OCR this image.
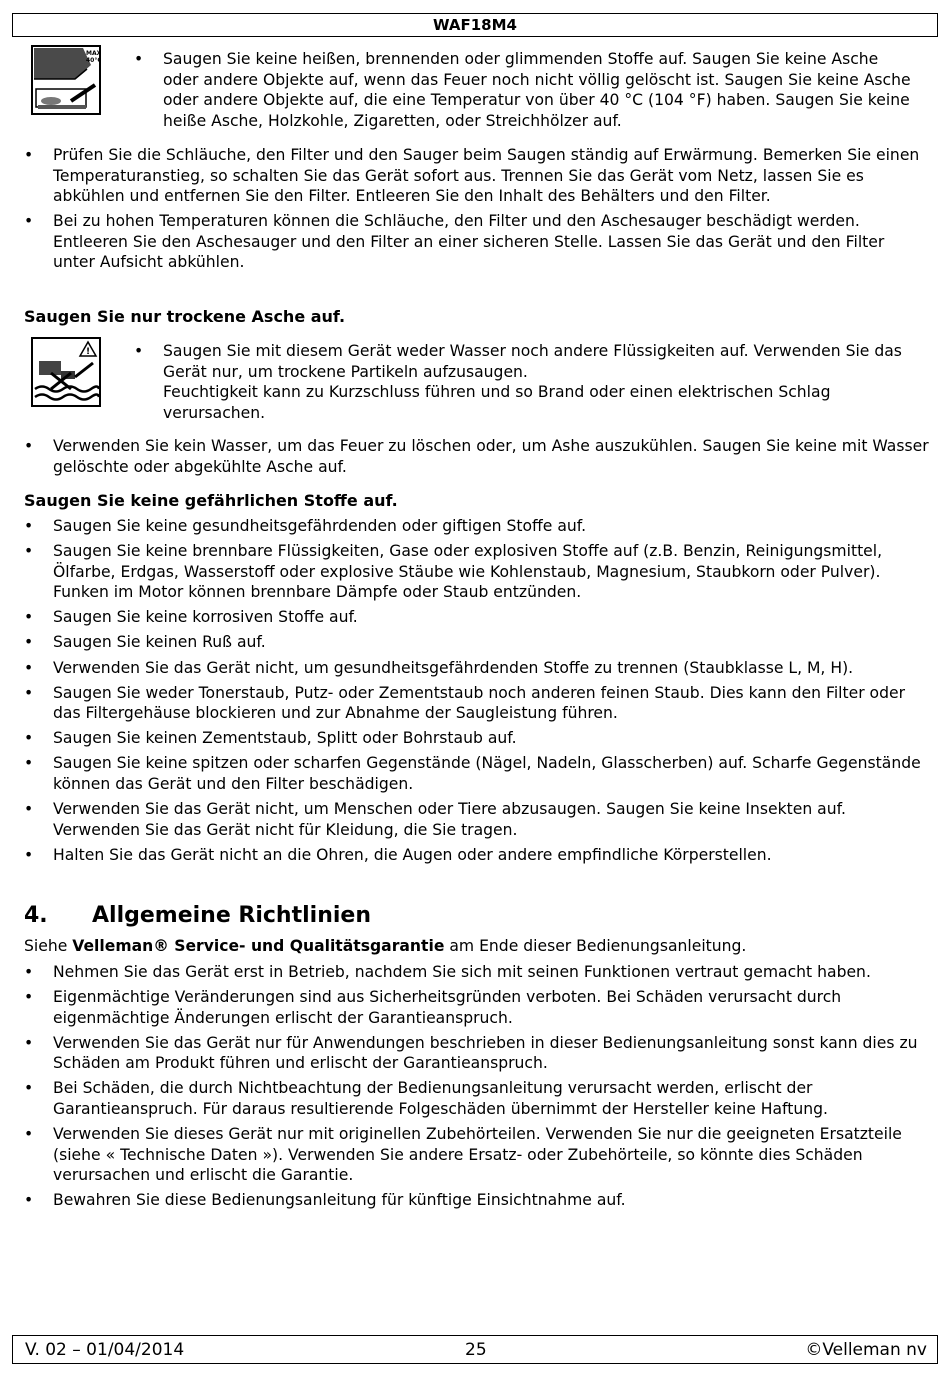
WAF18M4
MAX
40°C	• Saugen Sie keine heißen, brennenden oder glimmenden Stoffe auf. Saugen Sie keine Asche oder andere Objekte auf, wenn das Feuer noch nicht völlig gelöscht ist. Saugen Sie keine Asche oder andere Objekte auf, die eine Temperatur von über 40 °C (104 °F) haben. Saugen Sie keine heiße Asche, Holzkohle, Zigaretten, oder Streichhölzer auf.
• Prüfen Sie die Schläuche, den Filter und den Sauger beim Saugen ständig auf Erwärmung. Bemerken Sie einen Temperaturanstieg, so schalten Sie das Gerät sofort aus. Trennen Sie das Gerät vom Netz, lassen Sie es abkühlen und entfernen Sie den Filter. Entleeren Sie den Inhalt des Behälters und den Filter.
• Bei zu hohen Temperaturen können die Schläuche, den Filter und den Aschesauger beschädigt werden. Entleeren Sie den Aschesauger und den Filter an einer sicheren Stelle. Lassen Sie das Gerät und den Filter unter Aufsicht abkühlen.
Saugen Sie nur trockene Asche auf.
!	• Saugen Sie mit diesem Gerät weder Wasser noch andere Flüssigkeiten auf. Verwenden Sie das Gerät nur, um trockene Partikeln aufzusaugen.
Feuchtigkeit kann zu Kurzschluss führen und so Brand oder einen elektrischen Schlag verursachen.
• Verwenden Sie kein Wasser, um das Feuer zu löschen oder, um Ashe auszukühlen. Saugen Sie keine mit Wasser gelöschte oder abgekühlte Asche auf.
Saugen Sie keine gefährlichen Stoffe auf.
• Saugen Sie keine gesundheitsgefährdenden oder giftigen Stoffe auf.
• Saugen Sie keine brennbare Flüssigkeiten, Gase oder explosiven Stoffe auf (z.B. Benzin, Reinigungsmittel, Ölfarbe, Erdgas, Wasserstoff oder explosive Stäube wie Kohlenstaub, Magnesium, Staubkorn oder Pulver). Funken im Motor können brennbare Dämpfe oder Staub entzünden.
• Saugen Sie keine korrosiven Stoffe auf.
• Saugen Sie keinen Ruß auf.
• Verwenden Sie das Gerät nicht, um gesundheitsgefährdenden Stoffe zu trennen (Staubklasse L, M, H).
• Saugen Sie weder Tonerstaub, Putz- oder Zementstaub noch anderen feinen Staub. Dies kann den Filter oder das Filtergehäuse blockieren und zur Abnahme der Saugleistung führen.
• Saugen Sie keinen Zementstaub, Splitt oder Bohrstaub auf.
• Saugen Sie keine spitzen oder scharfen Gegenstände (Nägel, Nadeln, Glasscherben) auf. Scharfe Gegenstände können das Gerät und den Filter beschädigen.
• Verwenden Sie das Gerät nicht, um Menschen oder Tiere abzusaugen. Saugen Sie keine Insekten auf. Verwenden Sie das Gerät nicht für Kleidung, die Sie tragen.
• Halten Sie das Gerät nicht an die Ohren, die Augen oder andere empfindliche Körperstellen.
4. Allgemeine Richtlinien
Siehe Velleman® Service- und Qualitätsgarantie am Ende dieser Bedienungsanleitung.
• Nehmen Sie das Gerät erst in Betrieb, nachdem Sie sich mit seinen Funktionen vertraut gemacht haben.
• Eigenmächtige Veränderungen sind aus Sicherheitsgründen verboten. Bei Schäden verursacht durch eigenmächtige Änderungen erlischt der Garantieanspruch.
• Verwenden Sie das Gerät nur für Anwendungen beschrieben in dieser Bedienungsanleitung sonst kann dies zu Schäden am Produkt führen und erlischt der Garantieanspruch.
• Bei Schäden, die durch Nichtbeachtung der Bedienungsanleitung verursacht werden, erlischt der Garantieanspruch. Für daraus resultierende Folgeschäden übernimmt der Hersteller keine Haftung.
• Verwenden Sie dieses Gerät nur mit originellen Zubehörteilen. Verwenden Sie nur die geeigneten Ersatzteile (siehe « Technische Daten »). Verwenden Sie andere Ersatz- oder Zubehörteile, so könnte dies Schäden verursachen und erlischt die Garantie.
• Bewahren Sie diese Bedienungsanleitung für künftige Einsichtnahme auf.
V. 02 – 01/04/2014	25	©Velleman nv
